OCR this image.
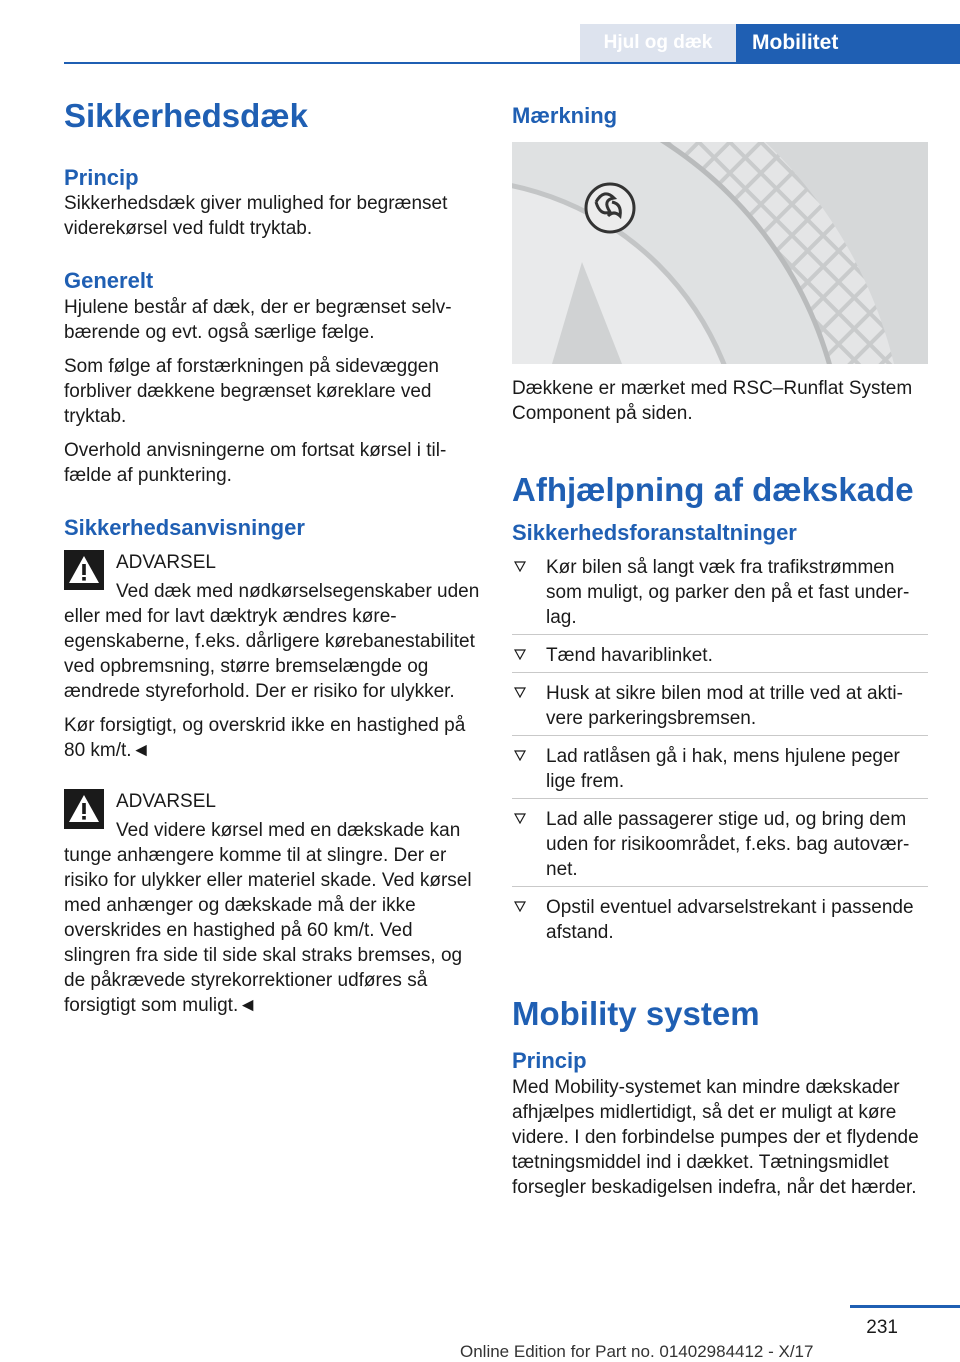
Hjul og dæk	Mobilitet
Sikkerhedsdæk
Princip

Sikkerhedsdæk giver mulighed for begrænset viderekørsel ved fuldt tryktab.

Generelt

Hjulene består af dæk, der er begrænset selvbærende og evt. også særlige fælge.

Som følge af forstærkningen på sidevæggen forbliver dækkene begrænset køreklare ved tryktab.

Overhold anvisningerne om fortsat kørsel i tilfælde af punktering.

Sikkerhedsanvisninger
ADVARSEL

Ved dæk med nødkørselsegenskaber uden eller med for lavt dæktryk ændres køreegenskaberne, f.eks. dårligere kørebanestabilitet ved opbremsning, større bremselængde og ændrede styreforhold. Der er risiko for ulykker.

Kør forsigtigt, og overskrid ikke en hastighed på 80 km/t.◄

ADVARSEL

Ved videre kørsel med en dækskade kan tunge anhængere komme til at slingre. Der er risiko for ulykker eller materiel skade. Ved kørsel med anhænger og dækskade må der ikke overskrides en hastighed på 60 km/t. Ved slingren fra side til side skal straks bremses, og de påkrævede styrekorrektioner udføres så forsigtigt som muligt.◄

Mærkning

Dækkene er mærket med RSC–Runflat System Component på siden.

Afhjælpning af dækskade
Sikkerhedsforanstaltninger
Kør bilen så langt væk fra trafikstrømmen som muligt, og parker den på et fast underlag.
Tænd havariblinket.
Husk at sikre bilen mod at trille ved at aktivere parkeringsbremsen.
Lad ratlåsen gå i hak, mens hjulene peger lige frem.
Lad alle passagerer stige ud, og bring dem uden for risikoområdet, f.eks. bag autoværnet.
Opstil eventuel advarselstrekant i passende afstand.
Mobility system
Princip

Med Mobility-systemet kan mindre dækskader afhjælpes midlertidigt, så det er muligt at køre videre. I den forbindelse pumpes der et flydende tætningsmiddel ind i dækket. Tætningsmidlet forsegler beskadigelsen indefra, når det hærder.

231
Online Edition for Part no. 01402984412 - X/17
